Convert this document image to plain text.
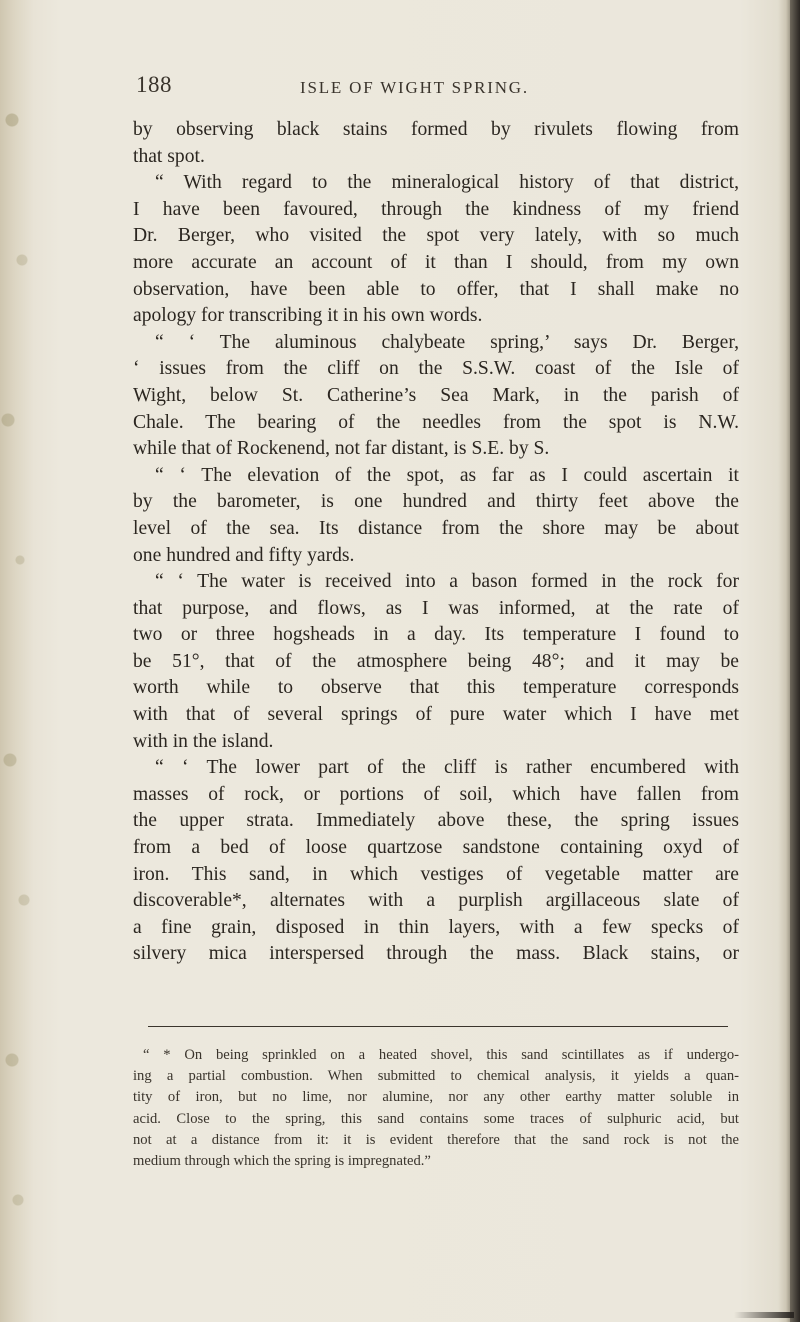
188	ISLE OF WIGHT SPRING.
by observing black stains formed by rivulets flowing from
that spot.
“ With regard to the mineralogical history of that district,
I have been favoured, through the kindness of my friend
Dr. Berger, who visited the spot very lately, with so much
more accurate an account of it than I should, from my own
observation, have been able to offer, that I shall make no
apology for transcribing it in his own words.
“ ‘ The aluminous chalybeate spring,’ says Dr. Berger,
‘ issues from the cliff on the S.S.W. coast of the Isle of
Wight, below St. Catherine’s Sea Mark, in the parish of
Chale. The bearing of the needles from the spot is N.W.
while that of Rockenend, not far distant, is S.E. by S.
“ ‘ The elevation of the spot, as far as I could ascertain it
by the barometer, is one hundred and thirty feet above the
level of the sea. Its distance from the shore may be about
one hundred and fifty yards.
“ ‘ The water is received into a bason formed in the rock for
that purpose, and flows, as I was informed, at the rate of
two or three hogsheads in a day. Its temperature I found to
be 51°, that of the atmosphere being 48°; and it may be
worth while to observe that this temperature corresponds
with that of several springs of pure water which I have met
with in the island.
“ ‘ The lower part of the cliff is rather encumbered with
masses of rock, or portions of soil, which have fallen from
the upper strata. Immediately above these, the spring issues
from a bed of loose quartzose sandstone containing oxyd of
iron. This sand, in which vestiges of vegetable matter are
discoverable*, alternates with a purplish argillaceous slate of
a fine grain, disposed in thin layers, with a few specks of
silvery mica interspersed through the mass. Black stains, or
“ * On being sprinkled on a heated shovel, this sand scintillates as if undergo-
ing a partial combustion. When submitted to chemical analysis, it yields a quan-
tity of iron, but no lime, nor alumine, nor any other earthy matter soluble in
acid. Close to the spring, this sand contains some traces of sulphuric acid, but
not at a distance from it: it is evident therefore that the sand rock is not the
medium through which the spring is impregnated.”
